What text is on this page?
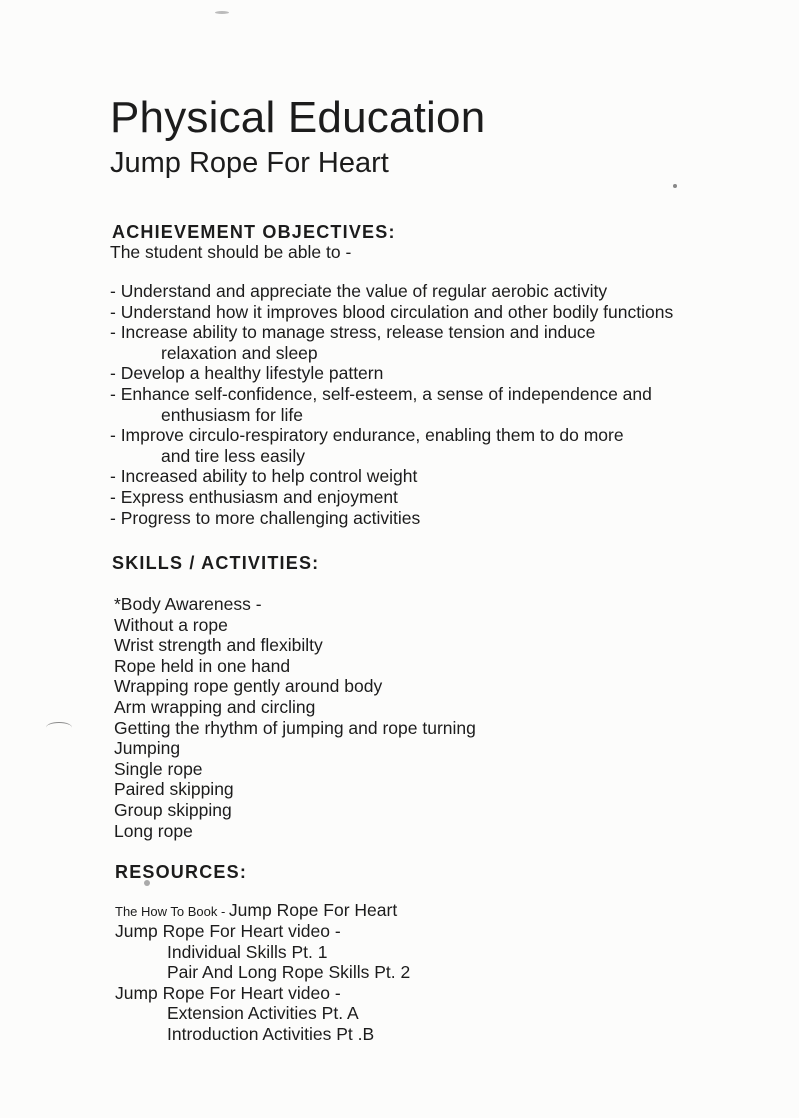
Physical Education
Jump Rope For Heart
ACHIEVEMENT OBJECTIVES:
The student should be able to -
- Understand and appreciate the value of regular aerobic activity
- Understand how it improves blood circulation and other bodily functions
- Increase ability to manage stress, release tension and induce
relaxation and sleep
- Develop a healthy lifestyle pattern
- Enhance self-confidence, self-esteem, a sense of independence and
enthusiasm for life
- Improve circulo-respiratory endurance, enabling them to do more
and tire less easily
- Increased ability to help control weight
- Express enthusiasm and enjoyment
- Progress to more challenging activities
SKILLS / ACTIVITIES:
*Body Awareness -
Without a rope
Wrist strength and flexibilty
Rope held in one hand
Wrapping rope gently around body
Arm wrapping and circling
Getting the rhythm of jumping and rope turning
Jumping
Single rope
Paired skipping
Group skipping
Long rope
RESOURCES:
The How To Book - Jump Rope For Heart
Jump Rope For Heart video -
Individual Skills Pt. 1
Pair And Long Rope Skills Pt. 2
Jump Rope For Heart video -
Extension Activities Pt. A
Introduction Activities Pt .B
